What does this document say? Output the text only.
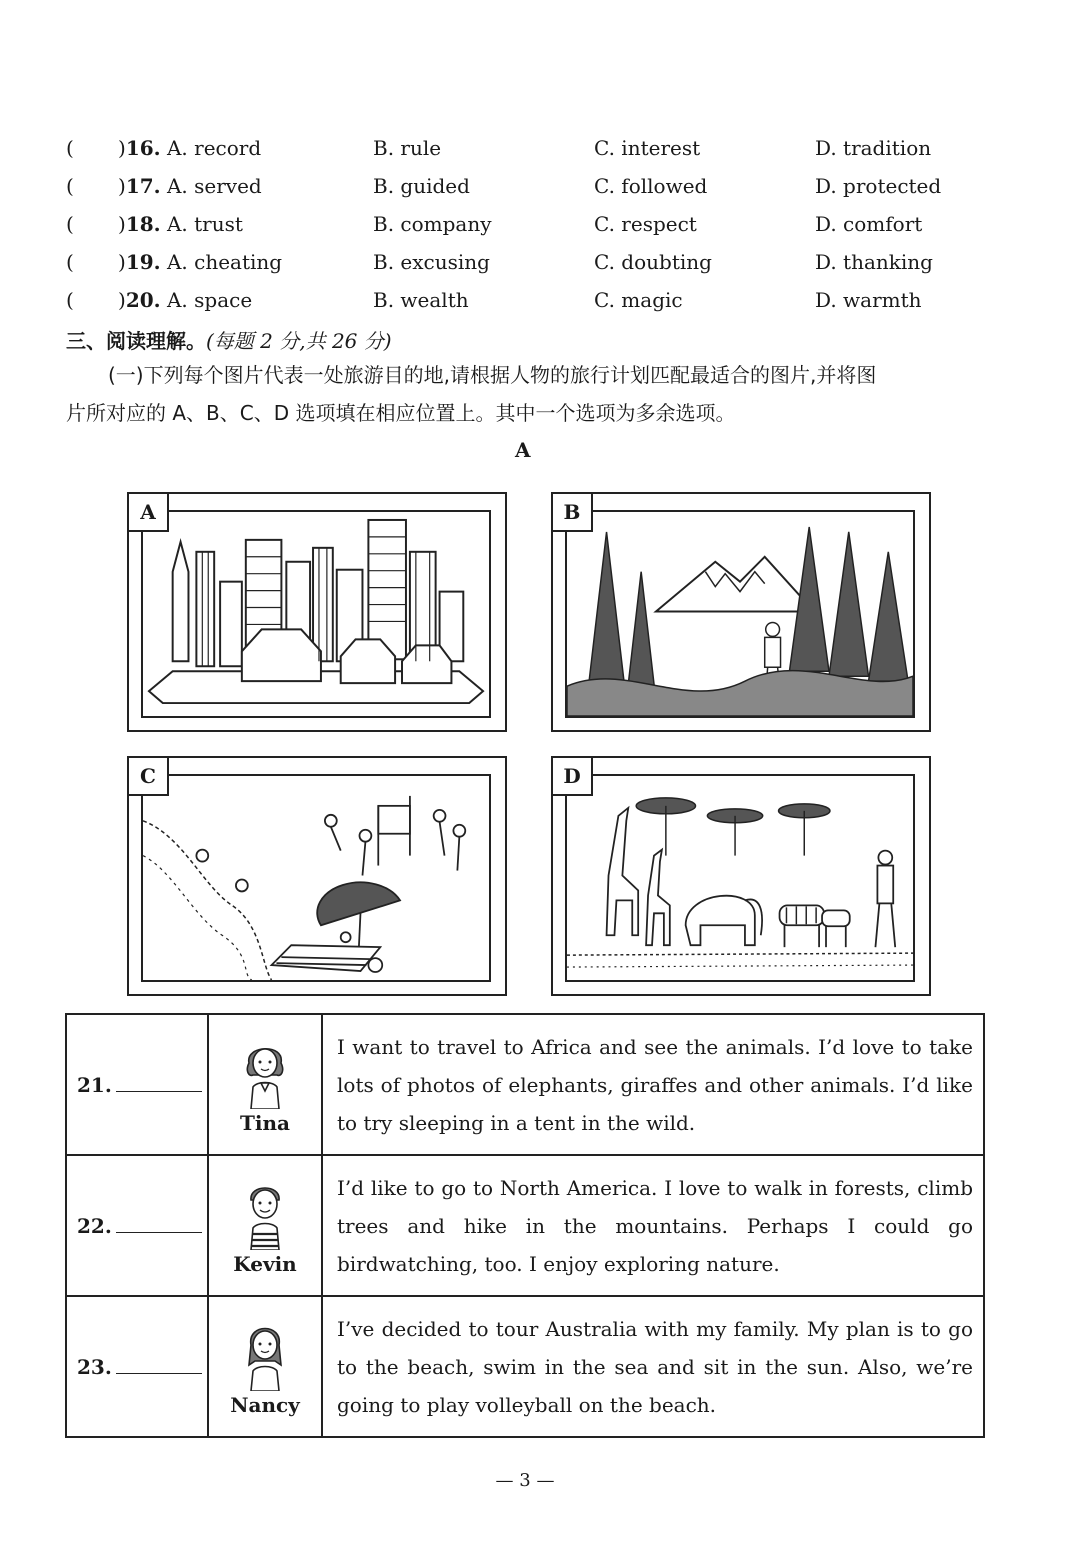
( )16. A. record	B. rule	C. interest	D. tradition
( )17. A. served	B. guided	C. followed	D. protected
( )18. A. trust	B. company	C. respect	D. comfort
( )19. A. cheating	B. excusing	C. doubting	D. thanking
( )20. A. space	B. wealth	C. magic	D. warmth
三、阅读理解。(每题 2 分,共 26 分)

(一)下列每个图片代表一处旅游目的地,请根据人物的旅行计划匹配最适合的图片,并将图

片所对应的 A、B、C、D 选项填在相应位置上。其中一个选项为多余选项。

A
A	B
C	D
21.	Tina	I want to travel to Africa and see the animals. I’d love to take lots of photos of elephants, giraffes and other animals. I’d like to try sleeping in a tent in the wild.
22.	Kevin	I’d like to go to North America. I love to walk in forests, climb trees and hike in the mountains. Perhaps I could go birdwatching, too. I enjoy exploring nature.
23.	Nancy	I’ve decided to tour Australia with my family. My plan is to go to the beach, swim in the sea and sit in the sun. Also, we’re going to play volleyball on the beach.
— 3 —
